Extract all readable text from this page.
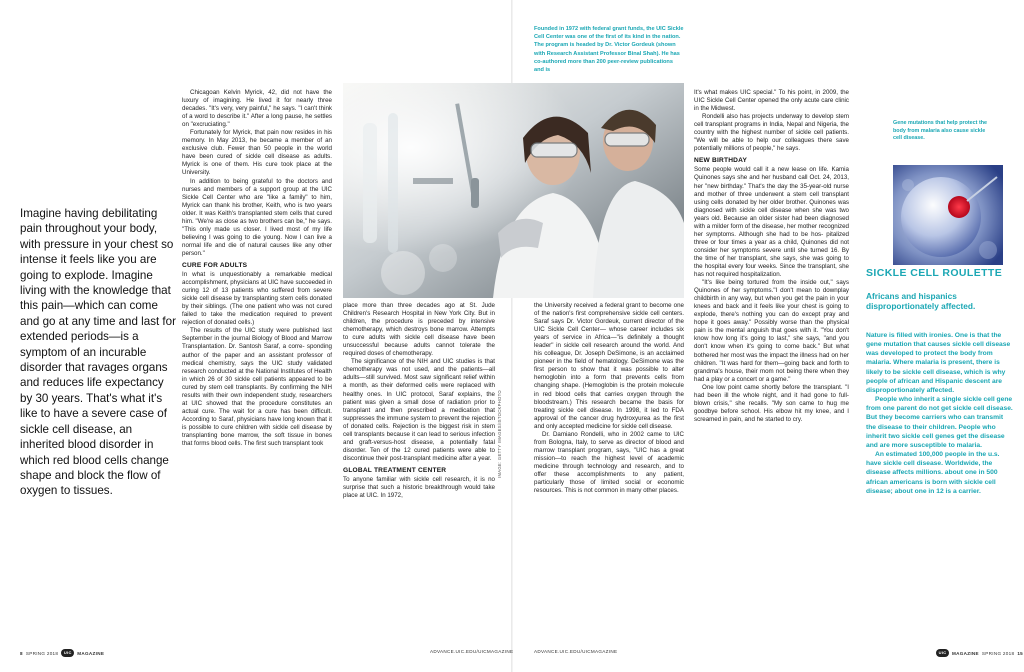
Imagine having debilitating pain throughout your body, with pressure in your chest so intense it feels like you are going to explode. Imagine living with the knowledge that this pain—which can come and go at any time and last for extended periods—is a symptom of an incurable disorder that ravages organs and reduces life expectancy by 30 years. That's what it's like to have a severe case of sickle cell disease, an inherited blood disorder in which red blood cells change shape and block the flow of oxygen to tissues.

Chicagoan Kelvin Myrick, 42, did not have the luxury of imagining. He lived it for nearly three decades. "It's very, very painful," he says. "I can't think of a word to describe it." After a long pause, he settles on "excruciating."

Fortunately for Myrick, that pain now resides in his memory. In May 2013, he became a member of an exclusive club. Fewer than 50 people in the world have been cured of sickle cell disease as adults. Myrick is one of them. His cure took place at the University.

In addition to being grateful to the doctors and nurses and members of a support group at the UIC Sickle Cell Center who are "like a family" to him, Myrick can thank his brother, Keith, who is two years older. It was Keith's transplanted stem cells that cured him. "We're as close as two brothers can be," he says. "This only made us closer. I lived most of my life believing I was going to die young. Now I can live a normal life and die of natural causes like any other person."

CURE FOR ADULTS

In what is unquestionably a remarkable medical accomplishment, physicians at UIC have succeeded in curing 12 of 13 patients who suffered from severe sickle cell disease by transplanting stem cells donated by their siblings. (The one patient who was not cured failed to take the medication required to prevent rejection of donated cells.)

The results of the UIC study were published last September in the journal Biology of Blood and Marrow Transplantation. Dr. Santosh Saraf, a corre- sponding author of the paper and an assistant professor of medical chemistry, says the UIC study validated research conducted at the National Institutes of Health in which 26 of 30 sickle cell patients appeared to be cured by stem cell transplants. By confirming the NIH results with their own independent study, researchers at UIC showed that the procedure constitutes an actual cure. The wait for a cure has been difficult. According to Saraf, physicians have long known that it is possible to cure children with sickle cell disease by transplanting bone marrow, the soft tissue in bones that forms blood cells. The first such transplant took	IMAGE: GETTY IMAGES/ISTOCKPHOTO
Founded in 1972 with federal grant funds, the UIC Sickle Cell Center was one of the first of its kind in the nation. The program is headed by Dr. Victor Gordeuk (shown with Research Assistant Professor Binal Shah). He has co-authored more than 200 peer-review publications and is

place more than three decades ago at St. Jude Children's Research Hospital in New York City. But in children, the procedure is preceded by intensive chemotherapy, which destroys bone marrow. Attempts to cure adults with sickle cell disease have been unsuccessful because adults cannot tolerate the required doses of chemotherapy.

The significance of the NIH and UIC studies is that chemotherapy was not used, and the patients—all adults—still survived. Most saw significant relief within a month, as their deformed cells were replaced with healthy ones. In UIC protocol, Saraf explains, the patient was given a small dose of radiation prior to transplant and then prescribed a medication that suppresses the immune system to prevent the rejection of donated cells. Rejection is the biggest risk in stem cell transplants because it can lead to serious infection and graft-versus-host disease, a potentially fatal disorder. Ten of the 12 cured patients were able to discontinue their post-transplant medicine after a year.

GLOBAL TREATMENT CENTER

To anyone familiar with sickle cell research, it is no surprise that such a historic breakthrough would take place at UIC. In 1972,

the University received a federal grant to become one of the nation's first comprehensive sickle cell centers. Saraf says Dr. Victor Gordeuk, current director of the UIC Sickle Cell Center— whose career includes six years of service in Africa—"is definitely a thought leader" in sickle cell research around the world. And his colleague, Dr. Joseph DeSimone, is an acclaimed pioneer in the field of hematology. DeSimone was the first person to show that it was possible to alter hemoglobin into a form that prevents cells from changing shape. (Hemoglobin is the protein molecule in red blood cells that carries oxygen through the bloodstream.) This research became the basis for treating sickle cell disease. In 1998, it led to FDA approval of the cancer drug hydroxyurea as the first and only accepted medicine for sickle cell disease.

Dr. Damiano Rondelli, who in 2002 came to UIC from Bologna, Italy, to serve as director of blood and marrow transplant program, says, "UIC has a great mission—to reach the highest level of academic medicine through technology and research, and to offer these accomplishments to any patient, particularly those of limited social or economic resources. This is not common in many other places.

It's what makes UIC special." To his point, in 2009, the UIC Sickle Cell Center opened the only acute care clinic in the Midwest.

Rondelli also has projects underway to develop stem cell transplant programs in India, Nepal and Nigeria, the country with the highest number of sickle cell patients. "We will be able to help our colleagues there save potentially millions of people," he says.

NEW BIRTHDAY

Some people would call it a new lease on life. Kamia Quinones says she and her husband call Oct. 24, 2013, her "new birthday." That's the day the 35-year-old nurse and mother of three underwent a stem cell transplant using cells donated by her older brother. Quinones was diagnosed with sickle cell disease when she was two years old. Because an older sister had been diagnosed with a milder form of the disease, her mother recognized her symptoms. Although she had to be hos- pitalized three or four times a year as a child, Quinones did not consider her symptoms severe until she turned 16. By the time of her transplant, she says, she was going to the hospital every four weeks. Since the transplant, she has not required hospitalization.

"It's like being tortured from the inside out," says Quinones of her symptoms."I don't mean to downplay childbirth in any way, but when you get the pain in your knees and back and it feels like your chest is going to explode, there's nothing you can do except pray and hope it goes away." Possibly worse than the physical pain is the mental anguish that goes with it. "You don't know how long it's going to last," she says, "and you don't know when it's going to come back." But what bothered her most was the impact the illness had on her children. "It was hard for them—going back and forth to grandma's house, their mom not being there when they had a play or a concert or a game."

One low point came shortly before the transplant. "I had been ill the whole night, and it had gone to full-blown crisis," she recalls. "My son came to hug me goodbye before school. His elbow hit my knee, and I screamed in pain, and he started to cry.

Gene mutations that help protect the body from malaria also cause sickle cell disease.
SICKLE CELL ROULETTE
Africans and hispanics disproportionately affected.

Nature is filled with ironies. One is that the gene mutation that causes sickle cell disease was developed to protect the body from malaria. Where malaria is present, there is likely to be sickle cell disease, which is why people of african and Hispanic descent are disproportionately affected.

People who inherit a single sickle cell gene from one parent do not get sickle cell disease. But they become carriers who can transmit the disease to their children. People who inherit two sickle cell genes get the disease and are more susceptible to malaria.

An estimated 100,000 people in the u.s. have sickle cell disease. Worldwide, the disease affects millions. about one in 500 african americans is born with sickle cell disease; about one in 12 is a carrier.

8 SPRING 2018	UIC	MAGAZINE	ADVANCE.UIC.EDU/UICMAGAZINE	ADVANCE.UIC.EDU/UICMAGAZINE	UIC	MAGAZINE SPRING 2018 15
